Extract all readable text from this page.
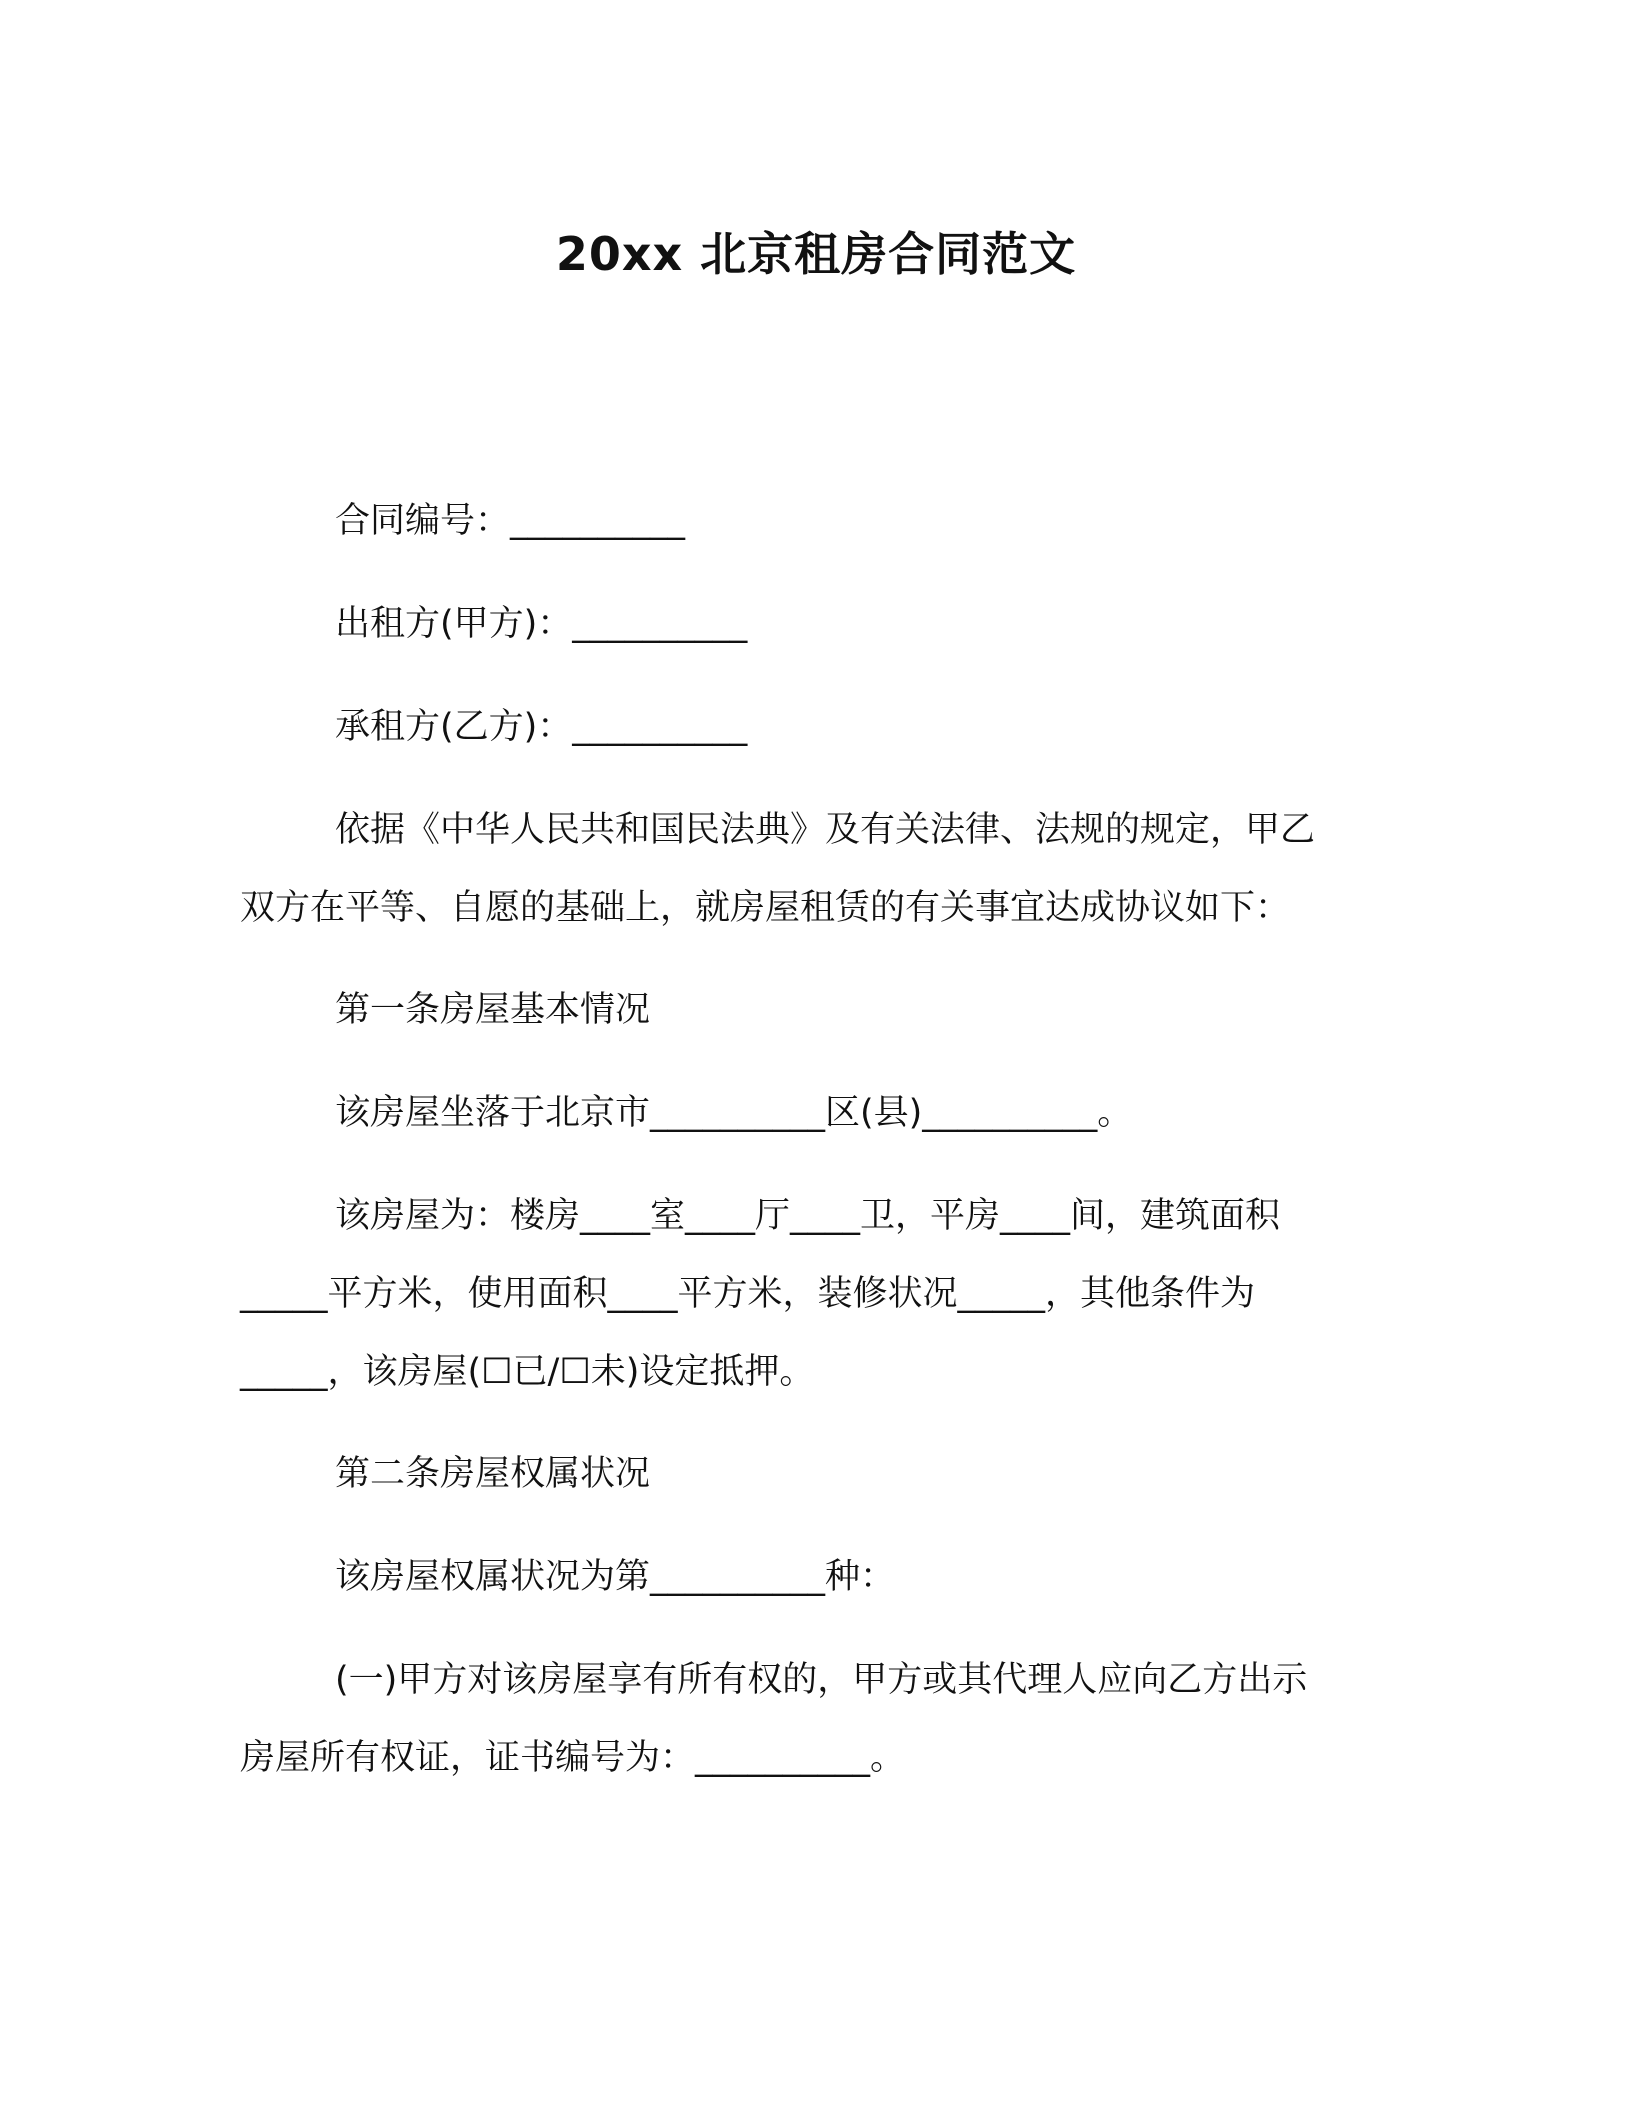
20xx 北京租房合同范文
合同编号：__________
出租方(甲方)：__________
承租方(乙方)：__________
依据《中华人民共和国民法典》及有关法律、法规的规定，甲乙
双方在平等、自愿的基础上，就房屋租赁的有关事宜达成协议如下：
第一条房屋基本情况
该房屋坐落于北京市__________区(县)__________。
该房屋为：楼房____室____厅____卫，平房____间，建筑面积
_____平方米，使用面积____平方米，装修状况_____，其他条件为
_____，该房屋(☐已/☐未)设定抵押。
第二条房屋权属状况
该房屋权属状况为第__________种：
(一)甲方对该房屋享有所有权的，甲方或其代理人应向乙方出示
房屋所有权证，证书编号为：__________。
